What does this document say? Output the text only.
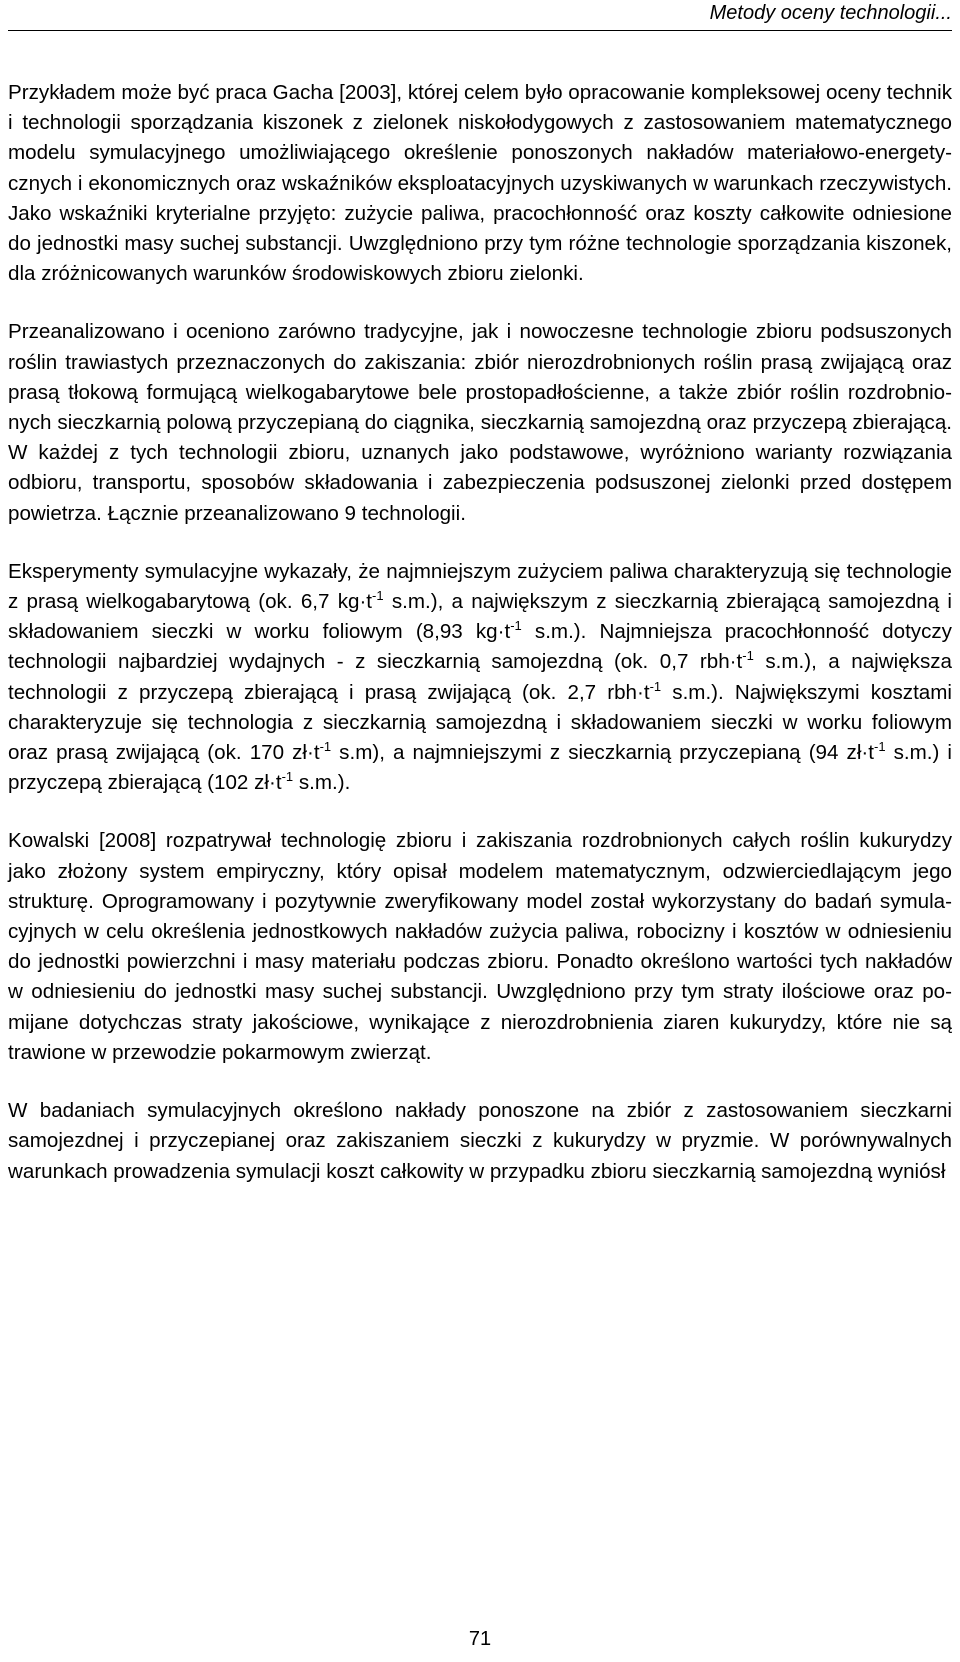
Metody oceny technologii...

Przykładem może być praca Gacha [2003], której celem było opracowanie kompleksowej oceny technik i technologii sporządzania kiszonek z zielonek niskołodygowych z zastosowaniem matematycznego modelu symulacyjnego umożliwiającego określenie ponoszonych nakładów materiałowo-energetycznych i ekonomicznych oraz wskaźników eksploatacyjnych uzyskiwanych w warunkach rzeczywistych. Jako wskaźniki kryterialne przyjęto: zużycie paliwa, pracochłonność oraz koszty całkowite odniesione do jednostki masy suchej substancji. Uwzględniono przy tym różne technologie sporządzania kiszonek, dla zróżnicowanych warunków środowiskowych zbioru zielonki.

Przeanalizowano i oceniono zarówno tradycyjne, jak i nowoczesne technologie zbioru podsuszonych roślin trawiastych przeznaczonych do zakiszania: zbiór nierozdrobnionych roślin prasą zwijającą oraz prasą tłokową formującą wielkogabarytowe bele prostopadłościenne, a także zbiór roślin rozdrobnionych sieczkarnią polową przyczepianą do ciągnika, sieczkarnią samojezdną oraz przyczepą zbierającą. W każdej z tych technologii zbioru, uznanych jako podstawowe, wyróżniono warianty rozwiązania odbioru, transportu, sposobów składowania i zabezpieczenia podsuszonej zielonki przed dostępem powietrza. Łącznie przeanalizowano 9 technologii.

Eksperymenty symulacyjne wykazały, że najmniejszym zużyciem paliwa charakteryzują się technologie z prasą wielkogabarytową (ok. 6,7 $kg\cdot t^{-1}$ s.m.), a największym z sieczkarnią zbierającą samojezdną i składowaniem sieczki w worku foliowym (8,93 $kg\cdot t^{-1}$ s.m.). Najmniejsza pracochłonność dotyczy technologii najbardziej wydajnych - z sieczkarnią samojezdną (ok. 0,7 $rbh\cdot t^{-1}$ s.m.), a największa technologii z przyczepą zbierającą i prasą zwijającą (ok. 2,7 $rbh\cdot t^{-1}$ s.m.). Największymi kosztami charakteryzuje się technologia z sieczkarnią samojezdną i składowaniem sieczki w worku foliowym oraz prasą zwijającą (ok. 170 $zł\cdot t^{-1}$ s.m), a najmniejszymi z sieczkarnią przyczepianą (94 $zł\cdot t^{-1}$ s.m.) i przyczepą zbierającą (102 $zł\cdot t^{-1}$ s.m.).

Kowalski [2008] rozpatrywał technologię zbioru i zakiszania rozdrobnionych całych roślin kukurydzy jako złożony system empiryczny, który opisał modelem matematycznym, odzwierciedlającym jego strukturę. Oprogramowany i pozytywnie zweryfikowany model został wykorzystany do badań symulacyjnych w celu określenia jednostkowych nakładów zużycia paliwa, robocizny i kosztów w odniesieniu do jednostki powierzchni i masy materiału podczas zbioru. Ponadto określono wartości tych nakładów w odniesieniu do jednostki masy suchej substancji. Uwzględniono przy tym straty ilościowe oraz pomijane dotychczas straty jakościowe, wynikające z nierozdrobnienia ziaren kukurydzy, które nie są trawione w przewodzie pokarmowym zwierząt.

W badaniach symulacyjnych określono nakłady ponoszone na zbiór z zastosowaniem sieczkarni samojezdnej i przyczepianej oraz zakiszaniem sieczki z kukurydzy w pryzmie. W porównywalnych warunkach prowadzenia symulacji koszt całkowity w przypadku zbioru sieczkarnią samojezdną wyniósł

71
